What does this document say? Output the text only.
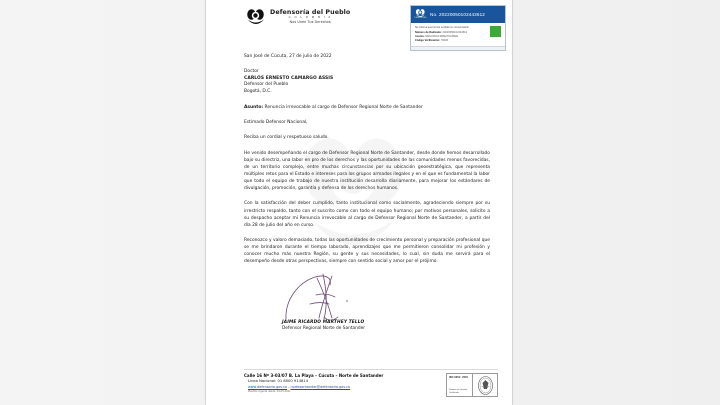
Defensoría del Pueblo
C O L O M B I A
Nos Unen Tus Derechos
DEFENSORÍA
No. 20220050102443612
Se informa que hemos recibido su comunicación
Número de Radicado: 20220050102443612
Asunto: RENUNCIA IRREVOCABLE
Código Verificación: 79036
San José de Cúcuta, 27 de julio de 2022
Doctor
CARLOS ERNESTO CAMARGO ASSIS
Defensor del Pueblo
Bogotá, D.C.
Asunto: Renuncia irrevocable al cargo de Defensor Regional Norte de Santander
Estimado Defensor Nacional,
Reciba un cordial y respetuoso saludo.

He venido desempeñando el cargo de Defensor Regional Norte de Santander, desde donde hemos desarrollado bajo su directriz, una labor en pro de los derechos y las oportunidades de las comunidades menos favorecidas, de un territorio complejo, entre muchas circunstancias por su ubicación geoestratégica, que representa múltiples retos para el Estado e intereses para los grupos armados ilegales y en el que es fundamental la labor que todo el equipo de trabajo de nuestra institución desarrolla diariamente, para mejorar los estándares de divulgación, promoción, garantía y defensa de los derechos humanos.

Con la satisfacción del deber cumplido, tanto institucional como socialmente, agradeciendo siempre por su irrestricto respaldo, tanto con el suscrito como con todo el equipo humano; por motivos personales, solicito a su despacho aceptar mi Renuncia irrevocable al cargo de Defensor Regional Norte de Santander, a partir del día 28 de julio del año en curso.

Reconozco y valoro demasiado, todas las oportunidades de crecimiento personal y preparación profesional que se me brindaron durante el tiempo laborado, aprendizajes que me permitieron consolidar mi profesión y conocer mucho más nuestra Región, su gente y sus necesidades, lo cual, sin duda me servirá para el desempeño desde otras perspectivas, siempre con sentido social y amor por el prójimo.

JAIME RICARDO MARTHEY TELLO
Defensor Regional Norte de Santander
Calle 16 Nª 3-03/07 B. La Playa – Cúcuta – Norte de Santander
Línea Nacional: 01 8000 914814
www.defensoria.gov.co - nortesantander@defensoria.gov.co
Plantilla vigente desde: 04-05-2021
ISO 9001: 2015
Sistema de Gestión
Certificado
